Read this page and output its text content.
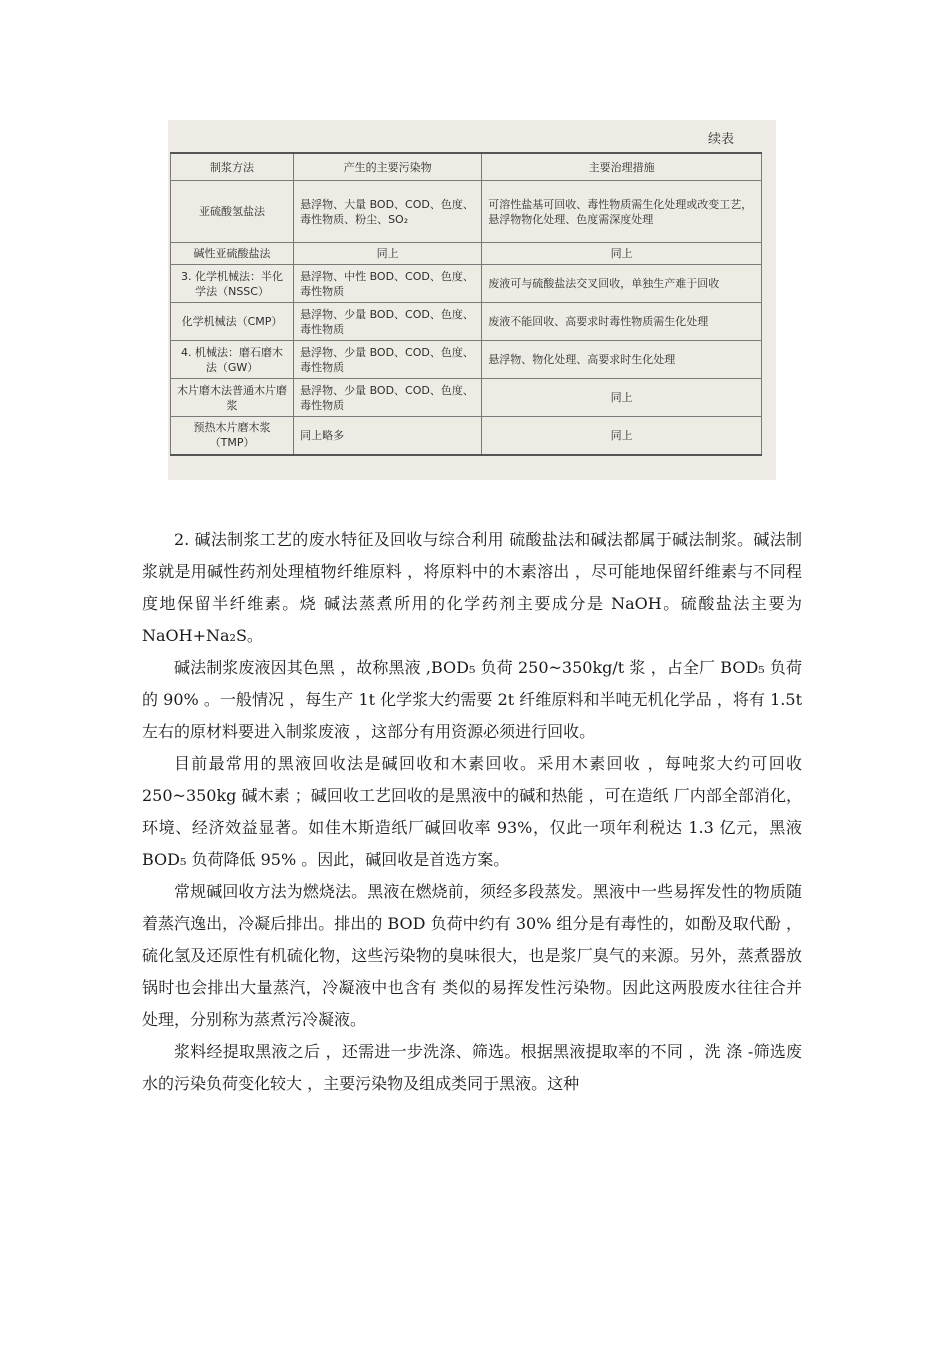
续表
制浆方法	产生的主要污染物	主要治理措施
亚硫酸氢盐法	悬浮物、大量 BOD、COD、色度、毒性物质、粉尘、SO₂	可溶性盐基可回收、毒性物质需生化处理或改变工艺，悬浮物物化处理、色度需深度处理
碱性亚硫酸盐法	同上	同上
3. 化学机械法：半化学法（NSSC）	悬浮物、中性 BOD、COD、色度、毒性物质	废液可与硫酸盐法交叉回收，单独生产难于回收
化学机械法（CMP）	悬浮物、少量 BOD、COD、色度、毒性物质	废液不能回收、高要求时毒性物质需生化处理
4. 机械法：磨石磨木法（GW）	悬浮物、少量 BOD、COD、色度、毒性物质	悬浮物、物化处理、高要求时生化处理
木片磨木法普通木片磨浆	悬浮物、少量 BOD、COD、色度、毒性物质	同上
预热木片磨木浆（TMP）	同上略多	同上

2. 碱法制浆工艺的废水特征及回收与综合利用 硫酸盐法和碱法都属于碱法制浆。碱法制浆就是用碱性药剂处理植物纤维原料 ，将原料中的木素溶出 ，尽可能地保留纤维素与不同程度地保留半纤维素。烧 碱法蒸煮所用的化学药剂主要成分是 NaOH。硫酸盐法主要为 NaOH+Na₂S。

碱法制浆废液因其色黑 ，故称黑液 ,BOD₅ 负荷 250~350kg/t 浆 ，占全厂 BOD₅ 负荷的 90% 。一般情况 ，每生产 1t 化学浆大约需要 2t 纤维原料和半吨无机化学品 ，将有 1.5t 左右的原材料要进入制浆废液 ，这部分有用资源必须进行回收。

目前最常用的黑液回收法是碱回收和木素回收。采用木素回收 ，每吨浆大约可回收 250~350kg 碱木素 ；碱回收工艺回收的是黑液中的碱和热能 ，可在造纸 厂内部全部消化，环境、经济效益显著。如佳木斯造纸厂碱回收率 93%，仅此一项年利税达 1.3 亿元，黑液 BOD₅ 负荷降低 95% 。因此，碱回收是首选方案。

常规碱回收方法为燃烧法。黑液在燃烧前，须经多段蒸发。黑液中一些易挥发性的物质随着蒸汽逸出，冷凝后排出。排出的 BOD 负荷中约有 30% 组分是有毒性的，如酚及取代酚 ，硫化氢及还原性有机硫化物，这些污染物的臭味很大，也是浆厂臭气的来源。另外，蒸煮器放锅时也会排出大量蒸汽，冷凝液中也含有 类似的易挥发性污染物。因此这两股废水往往合并处理，分别称为蒸煮污冷凝液。

浆料经提取黑液之后 ，还需进一步洗涤、筛选。根据黑液提取率的不同 ，洗 涤 -筛选废水的污染负荷变化较大 ，主要污染物及组成类同于黑液。这种
